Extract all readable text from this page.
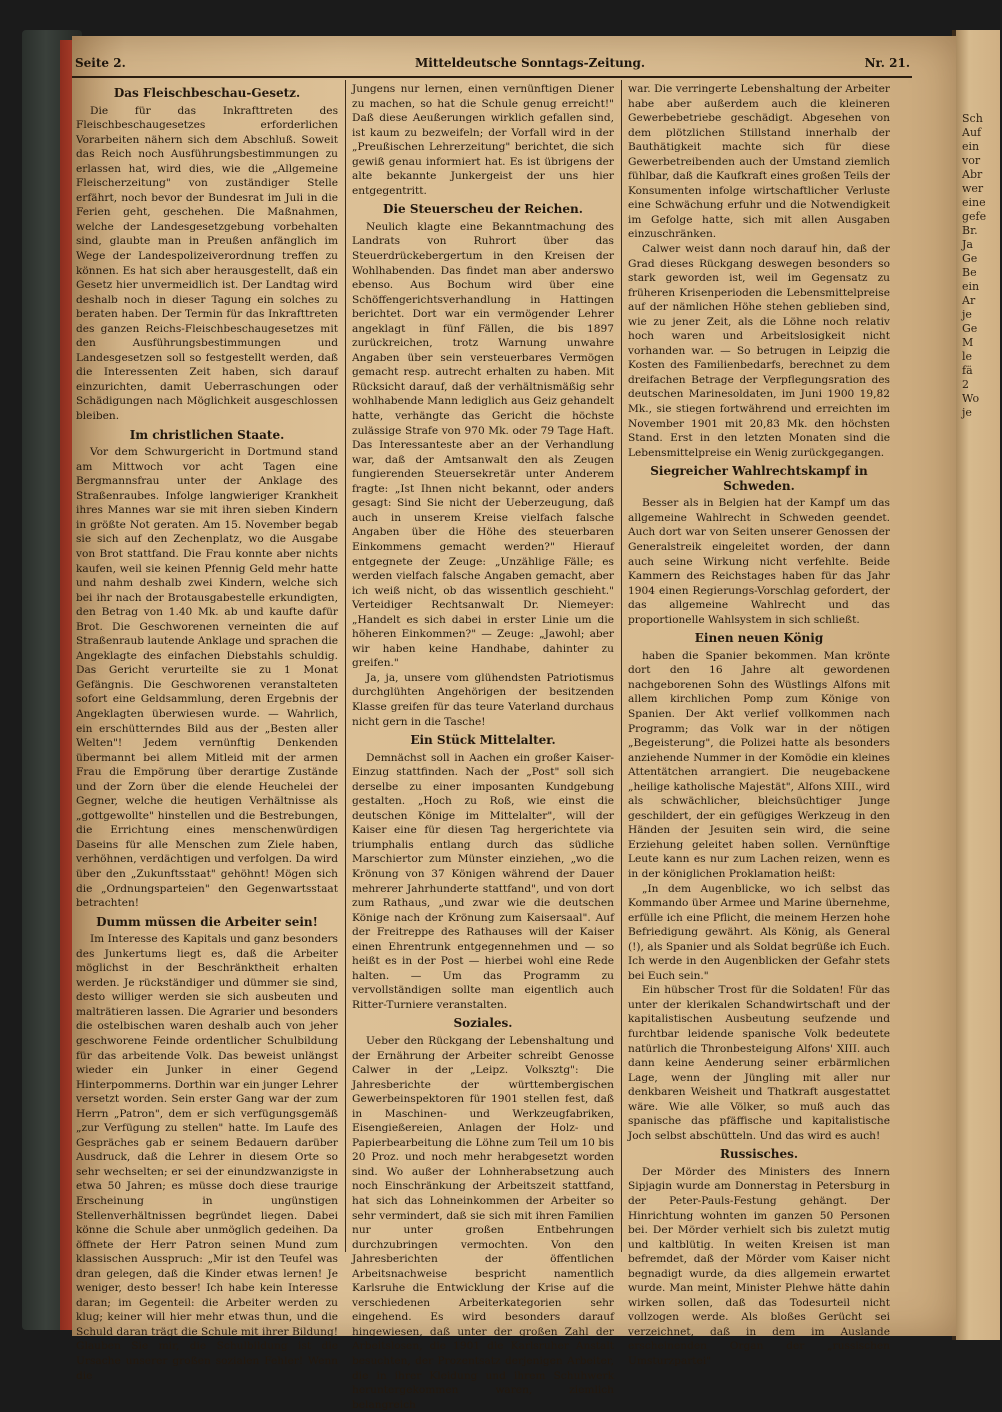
Sch
Auf
ein
vor
Abr
wer
eine
gefe
Br.
Ja
Ge
Be
ein
Ar
je
Ge
M
le
fä
2
Wo
je
Seite 2.	Mitteldeutsche Sonntags-Zeitung.	Nr. 21.
Das Fleischbeschau-Gesetz.

Die für das Inkrafttreten des Fleischbeschaugesetzes erforderlichen Vorarbeiten nähern sich dem Abschluß. Soweit das Reich noch Ausführungsbestimmungen zu erlassen hat, wird dies, wie die „Allgemeine Fleischerzeitung" von zuständiger Stelle erfährt, noch bevor der Bundesrat im Juli in die Ferien geht, geschehen. Die Maßnahmen, welche der Landesgesetzgebung vorbehalten sind, glaubte man in Preußen anfänglich im Wege der Landespolizeiverordnung treffen zu können. Es hat sich aber herausgestellt, daß ein Gesetz hier unvermeidlich ist. Der Landtag wird deshalb noch in dieser Tagung ein solches zu beraten haben. Der Termin für das Inkrafttreten des ganzen Reichs-Fleischbeschaugesetzes mit den Ausführungsbestimmungen und Landesgesetzen soll so festgestellt werden, daß die Interessenten Zeit haben, sich darauf einzurichten, damit Ueberraschungen oder Schädigungen nach Möglichkeit ausgeschlossen bleiben.

Im christlichen Staate.

Vor dem Schwurgericht in Dortmund stand am Mittwoch vor acht Tagen eine Bergmannsfrau unter der Anklage des Straßenraubes. Infolge langwieriger Krankheit ihres Mannes war sie mit ihren sieben Kindern in größte Not geraten. Am 15. November begab sie sich auf den Zechenplatz, wo die Ausgabe von Brot stattfand. Die Frau konnte aber nichts kaufen, weil sie keinen Pfennig Geld mehr hatte und nahm deshalb zwei Kindern, welche sich bei ihr nach der Brotausgabestelle erkundigten, den Betrag von 1.40 Mk. ab und kaufte dafür Brot. Die Geschworenen verneinten die auf Straßenraub lautende Anklage und sprachen die Angeklagte des einfachen Diebstahls schuldig. Das Gericht verurteilte sie zu 1 Monat Gefängnis. Die Geschworenen veranstalteten sofort eine Geldsammlung, deren Ergebnis der Angeklagten überwiesen wurde. — Wahrlich, ein erschütterndes Bild aus der „Besten aller Welten"! Jedem vernünftig Denkenden übermannt bei allem Mitleid mit der armen Frau die Empörung über derartige Zustände und der Zorn über die elende Heuchelei der Gegner, welche die heutigen Verhältnisse als „gottgewollte" hinstellen und die Bestrebungen, die Errichtung eines menschenwürdigen Daseins für alle Menschen zum Ziele haben, verhöhnen, verdächtigen und verfolgen. Da wird über den „Zukunftsstaat" gehöhnt! Mögen sich die „Ordnungsparteien" den Gegenwartsstaat betrachten!

Dumm müssen die Arbeiter sein!

Im Interesse des Kapitals und ganz besonders des Junkertums liegt es, daß die Arbeiter möglichst in der Beschränktheit erhalten werden. Je rückständiger und dümmer sie sind, desto williger werden sie sich ausbeuten und malträtieren lassen. Die Agrarier und besonders die ostelbischen waren deshalb auch von jeher geschworene Feinde ordentlicher Schulbildung für das arbeitende Volk. Das beweist unlängst wieder ein Junker in einer Gegend Hinterpommerns. Dorthin war ein junger Lehrer versetzt worden. Sein erster Gang war der zum Herrn „Patron", dem er sich verfügungsgemäß „zur Verfügung zu stellen" hatte. Im Laufe des Gespräches gab er seinem Bedauern darüber Ausdruck, daß die Lehrer in diesem Orte so sehr wechselten; er sei der einundzwanzigste in etwa 50 Jahren; es müsse doch diese traurige Erscheinung in ungünstigen Stellenverhältnissen begründet liegen. Dabei könne die Schule aber unmöglich gedeihen. Da öffnete der Herr Patron seinen Mund zum klassischen Ausspruch: „Mir ist den Teufel was dran gelegen, daß die Kinder etwas lernen! Je weniger, desto besser! Ich habe kein Interesse daran; im Gegenteil: die Arbeiter werden zu klug; keiner will hier mehr etwas thun, und die Schuld daran trägt die Schule mit ihrer Bildung! Glauben Sie mir, die Schulbildung ist die Ursache unserer großen sozialen Fehler! Wenn die

Jungens nur lernen, einen vernünftigen Diener zu machen, so hat die Schule genug erreicht!" Daß diese Aeußerungen wirklich gefallen sind, ist kaum zu bezweifeln; der Vorfall wird in der „Preußischen Lehrerzeitung" berichtet, die sich gewiß genau informiert hat. Es ist übrigens der alte bekannte Junkergeist der uns hier entgegentritt.

Die Steuerscheu der Reichen.

Neulich klagte eine Bekanntmachung des Landrats von Ruhrort über das Steuerdrückebergertum in den Kreisen der Wohlhabenden. Das findet man aber anderswo ebenso. Aus Bochum wird über eine Schöffengerichtsverhandlung in Hattingen berichtet. Dort war ein vermögender Lehrer angeklagt in fünf Fällen, die bis 1897 zurückreichen, trotz Warnung unwahre Angaben über sein versteuerbares Vermögen gemacht resp. autrecht erhalten zu haben. Mit Rücksicht darauf, daß der verhältnismäßig sehr wohlhabende Mann lediglich aus Geiz gehandelt hatte, verhängte das Gericht die höchste zulässige Strafe von 970 Mk. oder 79 Tage Haft. Das Interessanteste aber an der Verhandlung war, daß der Amtsanwalt den als Zeugen fungierenden Steuersekretär unter Anderem fragte: „Ist Ihnen nicht bekannt, oder anders gesagt: Sind Sie nicht der Ueberzeugung, daß auch in unserem Kreise vielfach falsche Angaben über die Höhe des steuerbaren Einkommens gemacht werden?" Hierauf entgegnete der Zeuge: „Unzählige Fälle; es werden vielfach falsche Angaben gemacht, aber ich weiß nicht, ob das wissentlich geschieht." Verteidiger Rechtsanwalt Dr. Niemeyer: „Handelt es sich dabei in erster Linie um die höheren Einkommen?" — Zeuge: „Jawohl; aber wir haben keine Handhabe, dahinter zu greifen."

Ja, ja, unsere vom glühendsten Patriotismus durchglühten Angehörigen der besitzenden Klasse greifen für das teure Vaterland durchaus nicht gern in die Tasche!

Ein Stück Mittelalter.

Demnächst soll in Aachen ein großer Kaiser-Einzug stattfinden. Nach der „Post" soll sich derselbe zu einer imposanten Kundgebung gestalten. „Hoch zu Roß, wie einst die deutschen Könige im Mittelalter", will der Kaiser eine für diesen Tag hergerichtete via triumphalis entlang durch das südliche Marschiertor zum Münster einziehen, „wo die Krönung von 37 Königen während der Dauer mehrerer Jahrhunderte stattfand", und von dort zum Rathaus, „und zwar wie die deutschen Könige nach der Krönung zum Kaisersaal". Auf der Freitreppe des Rathauses will der Kaiser einen Ehrentrunk entgegennehmen und — so heißt es in der Post — hierbei wohl eine Rede halten. — Um das Programm zu vervollständigen sollte man eigentlich auch Ritter-Turniere veranstalten.

Soziales.

Ueber den Rückgang der Lebenshaltung und der Ernährung der Arbeiter schreibt Genosse Calwer in der „Leipz. Volksztg": Die Jahresberichte der württembergischen Gewerbeinspektoren für 1901 stellen fest, daß in Maschinen- und Werkzeugfabriken, Eisengießereien, Anlagen der Holz- und Papierbearbeitung die Löhne zum Teil um 10 bis 20 Proz. und noch mehr herabgesetzt worden sind. Wo außer der Lohnherabsetzung auch noch Einschränkung der Arbeitszeit stattfand, hat sich das Lohneinkommen der Arbeiter so sehr vermindert, daß sie sich mit ihren Familien nur unter großen Entbehrungen durchzubringen vermochten. Von den Jahresberichten der öffentlichen Arbeitsnachweise bespricht namentlich Karlsruhe die Entwicklung der Krise auf die verschiedenen Arbeiterkategorien sehr eingehend. Es wird besonders darauf hingewiesen, daß unter der großen Zahl der Arbeitslosen, die 1901 die Karlsruher Anstalt besuchten, der Prozentsatz derjenigen Arbeiter, die in ihrer Kleidung und ihrem Schuhwerk heruntergekommen waren, ziemlich belangreich

war. Die verringerte Lebenshaltung der Arbeiter habe aber außerdem auch die kleineren Gewerbebetriebe geschädigt. Abgesehen von dem plötzlichen Stillstand innerhalb der Bauthätigkeit machte sich für diese Gewerbetreibenden auch der Umstand ziemlich fühlbar, daß die Kaufkraft eines großen Teils der Konsumenten infolge wirtschaftlicher Verluste eine Schwächung erfuhr und die Notwendigkeit im Gefolge hatte, sich mit allen Ausgaben einzuschränken.

Calwer weist dann noch darauf hin, daß der Grad dieses Rückgang deswegen besonders so stark geworden ist, weil im Gegensatz zu früheren Krisenperioden die Lebensmittelpreise auf der nämlichen Höhe stehen geblieben sind, wie zu jener Zeit, als die Löhne noch relativ hoch waren und Arbeitslosigkeit nicht vorhanden war. — So betrugen in Leipzig die Kosten des Familienbedarfs, berechnet zu dem dreifachen Betrage der Verpflegungsration des deutschen Marinesoldaten, im Juni 1900 19,82 Mk., sie stiegen fortwährend und erreichten im November 1901 mit 20,83 Mk. den höchsten Stand. Erst in den letzten Monaten sind die Lebensmittelpreise ein Wenig zurückgegangen.

Siegreicher Wahlrechtskampf in Schweden.

Besser als in Belgien hat der Kampf um das allgemeine Wahlrecht in Schweden geendet. Auch dort war von Seiten unserer Genossen der Generalstreik eingeleitet worden, der dann auch seine Wirkung nicht verfehlte. Beide Kammern des Reichstages haben für das Jahr 1904 einen Regierungs-Vorschlag gefordert, der das allgemeine Wahlrecht und das proportionelle Wahlsystem in sich schließt.

Einen neuen König

haben die Spanier bekommen. Man krönte dort den 16 Jahre alt gewordenen nachgeborenen Sohn des Wüstlings Alfons mit allem kirchlichen Pomp zum Könige von Spanien. Der Akt verlief vollkommen nach Programm; das Volk war in der nötigen „Begeisterung", die Polizei hatte als besonders anziehende Nummer in der Komödie ein kleines Attentätchen arrangiert. Die neugebackene „heilige katholische Majestät", Alfons XIII., wird als schwächlicher, bleichsüchtiger Junge geschildert, der ein gefügiges Werkzeug in den Händen der Jesuiten sein wird, die seine Erziehung geleitet haben sollen. Vernünftige Leute kann es nur zum Lachen reizen, wenn es in der königlichen Proklamation heißt:

„In dem Augenblicke, wo ich selbst das Kommando über Armee und Marine übernehme, erfülle ich eine Pflicht, die meinem Herzen hohe Befriedigung gewährt. Als König, als General (!), als Spanier und als Soldat begrüße ich Euch. Ich werde in den Augenblicken der Gefahr stets bei Euch sein."

Ein hübscher Trost für die Soldaten! Für das unter der klerikalen Schandwirtschaft und der kapitalistischen Ausbeutung seufzende und furchtbar leidende spanische Volk bedeutete natürlich die Thronbesteigung Alfons' XIII. auch dann keine Aenderung seiner erbärmlichen Lage, wenn der Jüngling mit aller nur denkbaren Weisheit und Thatkraft ausgestattet wäre. Wie alle Völker, so muß auch das spanische das pfäffische und kapitalistische Joch selbst abschütteln. Und das wird es auch!

Russisches.

Der Mörder des Ministers des Innern Sipjagin wurde am Donnerstag in Petersburg in der Peter-Pauls-Festung gehängt. Der Hinrichtung wohnten im ganzen 50 Personen bei. Der Mörder verhielt sich bis zuletzt mutig und kaltblütig. In weiten Kreisen ist man befremdet, daß der Mörder vom Kaiser nicht begnadigt wurde, da dies allgemein erwartet wurde. Man meint, Minister Plehwe hätte dahin wirken sollen, daß das Todesurteil nicht vollzogen werde. Als bloßes Gerücht sei verzeichnet, daß in dem im Auslande erscheinenden Organ der „russischen Umsturzpartei"
